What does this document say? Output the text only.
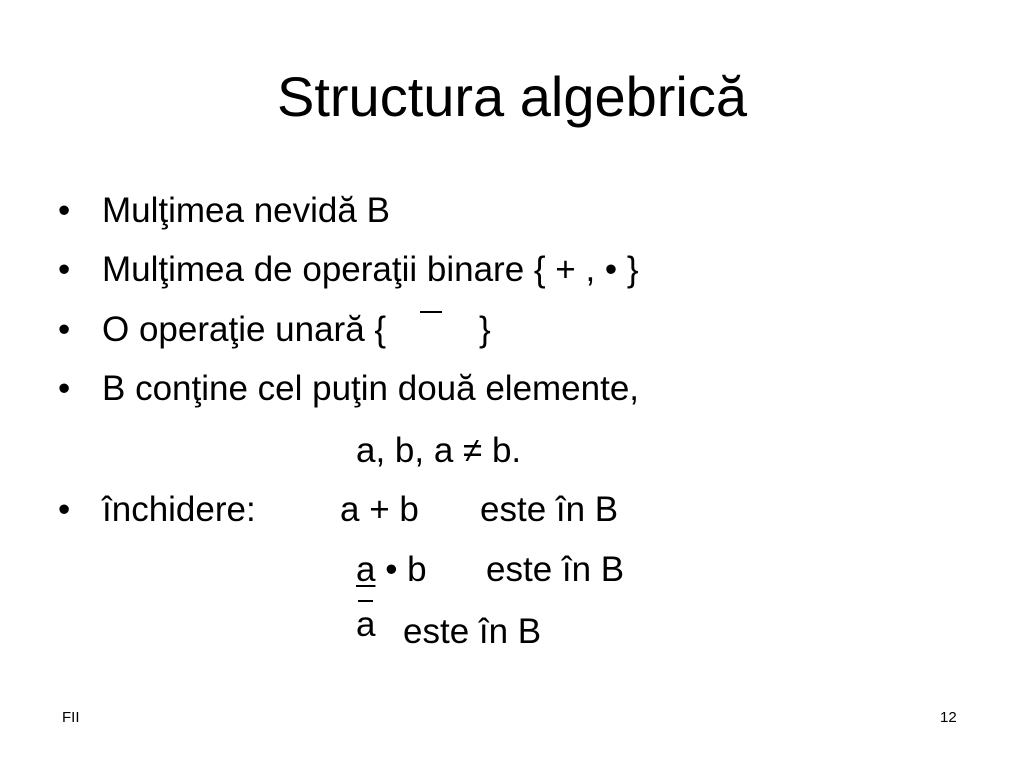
Structura algebrică
• Mulţimea nevidă B
• Mulţimea de operaţii binare { + , • }
• O operaţie unară {	}
• B conţine cel puţin două elemente,
a, b, a ≠ b.
• închidere: a + b este în B
a • b este în B
a este în B
FII	12
